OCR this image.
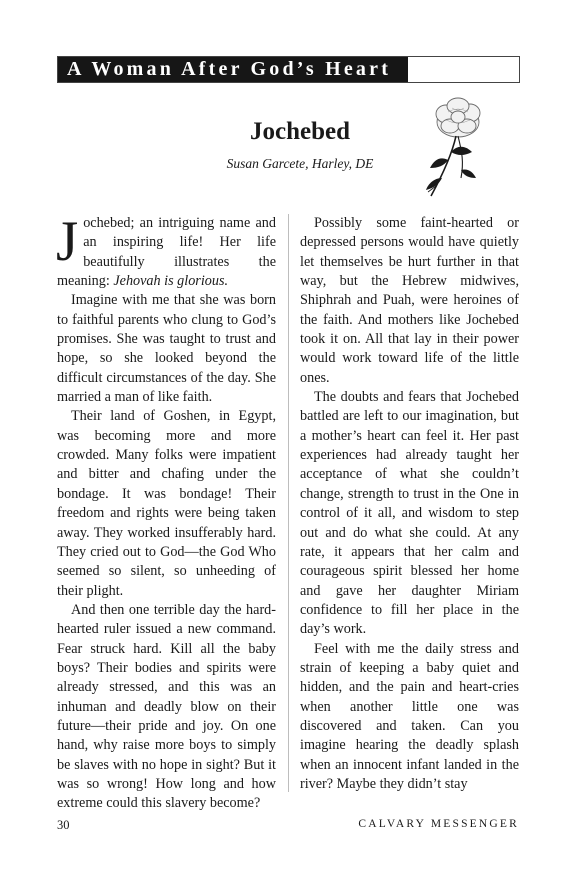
A Woman After God’s Heart
Jochebed
Susan Garcete, Harley, DE

Jochebed; an intriguing name and an inspiring life! Her life beautifully illustrates the meaning: Jehovah is glorious.

Imagine with me that she was born to faithful parents who clung to God’s promises. She was taught to trust and hope, so she looked beyond the difficult circumstances of the day. She married a man of like faith.

Their land of Goshen, in Egypt, was becoming more and more crowded. Many folks were impatient and bitter and chafing under the bondage. It was bondage! Their freedom and rights were being taken away. They worked insufferably hard. They cried out to God—the God Who seemed so silent, so unheeding of their plight.

And then one terrible day the hard-hearted ruler issued a new command. Fear struck hard. Kill all the baby boys? Their bodies and spirits were already stressed, and this was an inhuman and deadly blow on their future—their pride and joy. On one hand, why raise more boys to simply be slaves with no hope in sight? But it was so wrong! How long and how extreme could this slavery become?

Possibly some faint-hearted or depressed persons would have quietly let themselves be hurt further in that way, but the Hebrew midwives, Shiphrah and Puah, were heroines of the faith. And mothers like Jochebed took it on. All that lay in their power would work toward life of the little ones.

The doubts and fears that Jochebed battled are left to our imagination, but a mother’s heart can feel it. Her past experiences had already taught her acceptance of what she couldn’t change, strength to trust in the One in control of it all, and wisdom to step out and do what she could. At any rate, it appears that her calm and courageous spirit blessed her home and gave her daughter Miriam confidence to fill her place in the day’s work.

Feel with me the daily stress and strain of keeping a baby quiet and hidden, and the pain and heart-cries when another little one was discovered and taken. Can you imagine hearing the deadly splash when an innocent infant landed in the river? Maybe they didn’t stay

30	CALVARY MESSENGER
